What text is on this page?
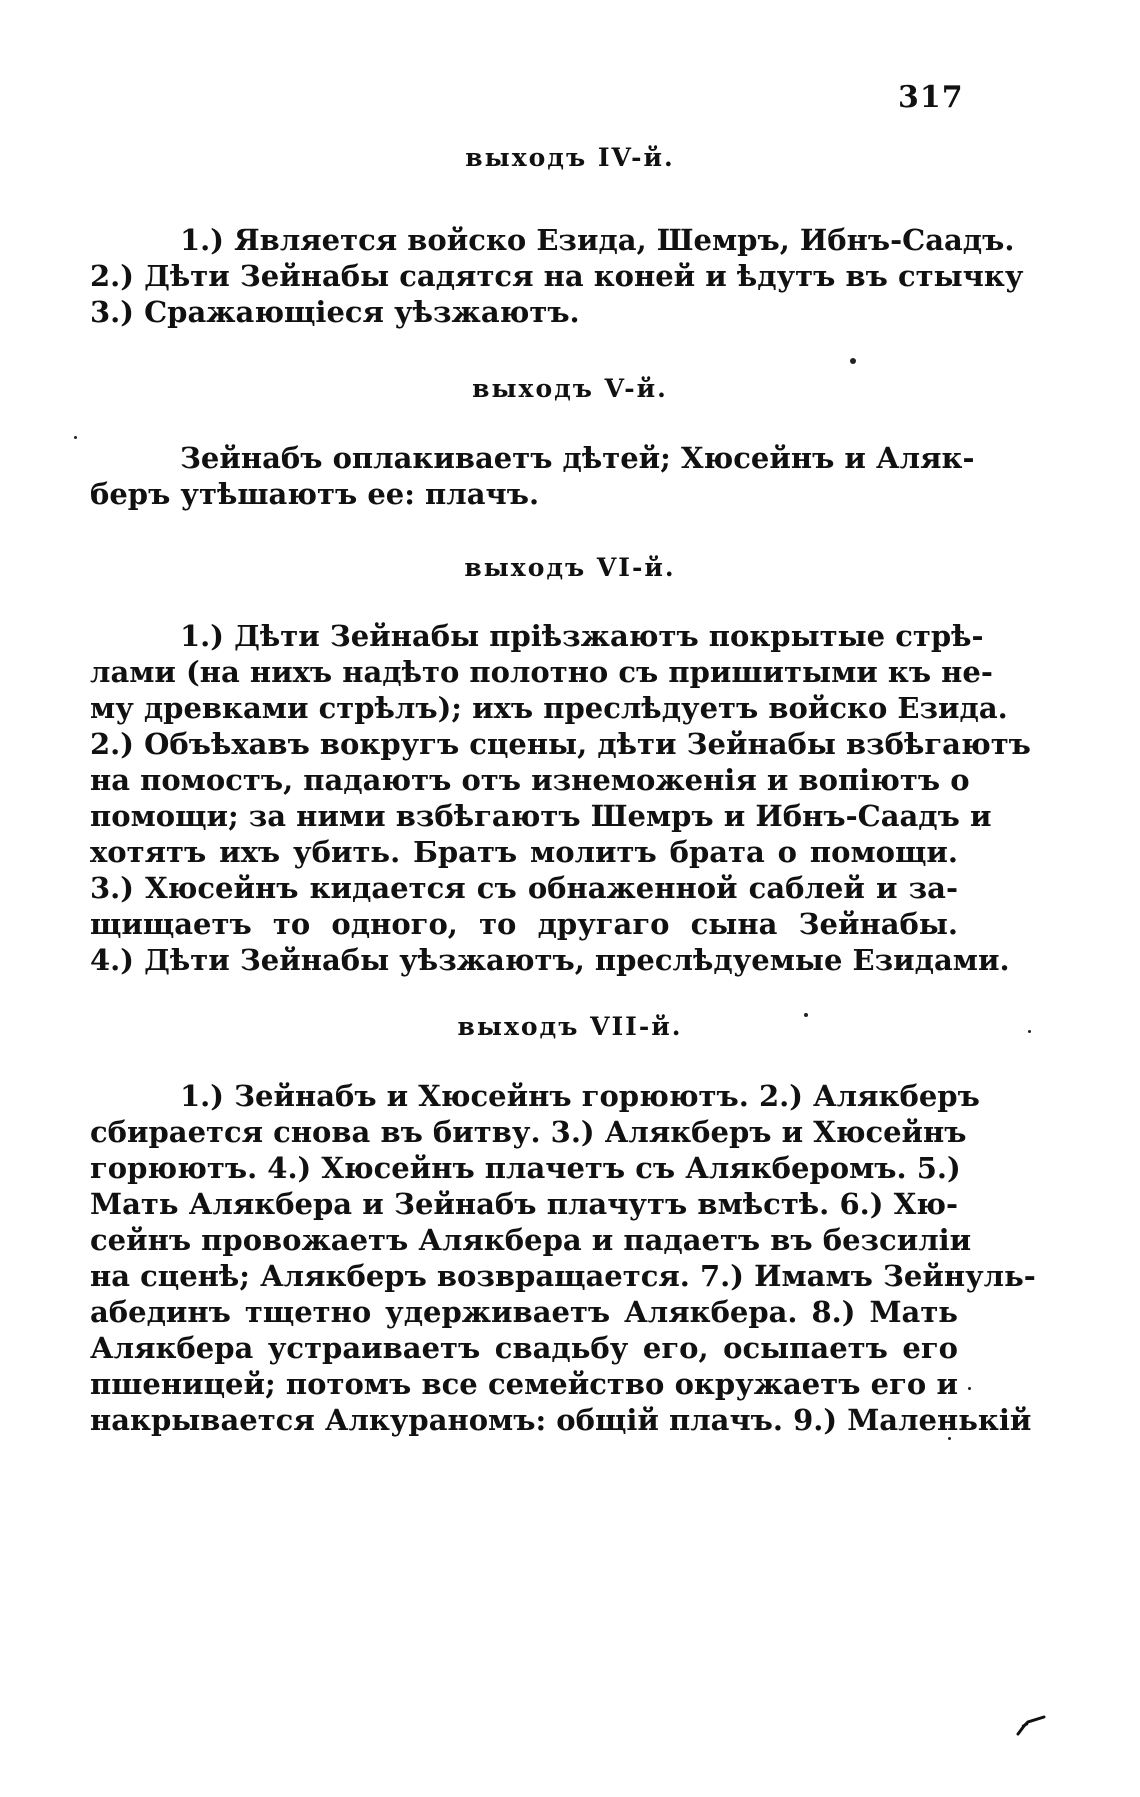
317
выходъ IV-й.
1.) Является войско Езида, Шемръ, Ибнъ-Саадъ.
2.) Дѣти Зейнабы садятся на коней и ѣдутъ въ стычку
3.) Сражающіеся уѣзжаютъ.
выходъ V-й.
Зейнабъ оплакиваетъ дѣтей; Хюсейнъ и Аляк-
беръ утѣшаютъ ее: плачъ.
выходъ VI-й.
1.) Дѣти Зейнабы пріѣзжаютъ покрытые стрѣ-
лами (на нихъ надѣто полотно съ пришитыми къ не-
му древками стрѣлъ); ихъ преслѣдуетъ войско Езида.
2.) Объѣхавъ вокругъ сцены, дѣти Зейнабы взбѣгаютъ
на помостъ, падаютъ отъ изнеможенія и вопіютъ о
помощи; за ними взбѣгаютъ Шемръ и Ибнъ-Саадъ и
хотятъ ихъ убить. Братъ молитъ брата о помощи.
3.) Хюсейнъ кидается съ обнаженной саблей и за-
щищаетъ то одного, то другаго сына Зейнабы.
4.) Дѣти Зейнабы уѣзжаютъ, преслѣдуемые Езидами.
выходъ VII-й.
1.) Зейнабъ и Хюсейнъ горюютъ. 2.) Алякберъ
сбирается снова въ битву. 3.) Алякберъ и Хюсейнъ
горюютъ. 4.) Хюсейнъ плачетъ съ Алякберомъ. 5.)
Мать Алякбера и Зейнабъ плачутъ вмѣстѣ. 6.) Хю-
сейнъ провожаетъ Алякбера и падаетъ въ безсиліи
на сценѣ; Алякберъ возвращается. 7.) Имамъ Зейнуль-
абединъ тщетно удерживаетъ Алякбера. 8.) Мать
Алякбера устраиваетъ свадьбу его, осыпаетъ его
пшеницей; потомъ все семейство окружаетъ его и
накрывается Алкураномъ: общій плачъ. 9.) Маленькій
